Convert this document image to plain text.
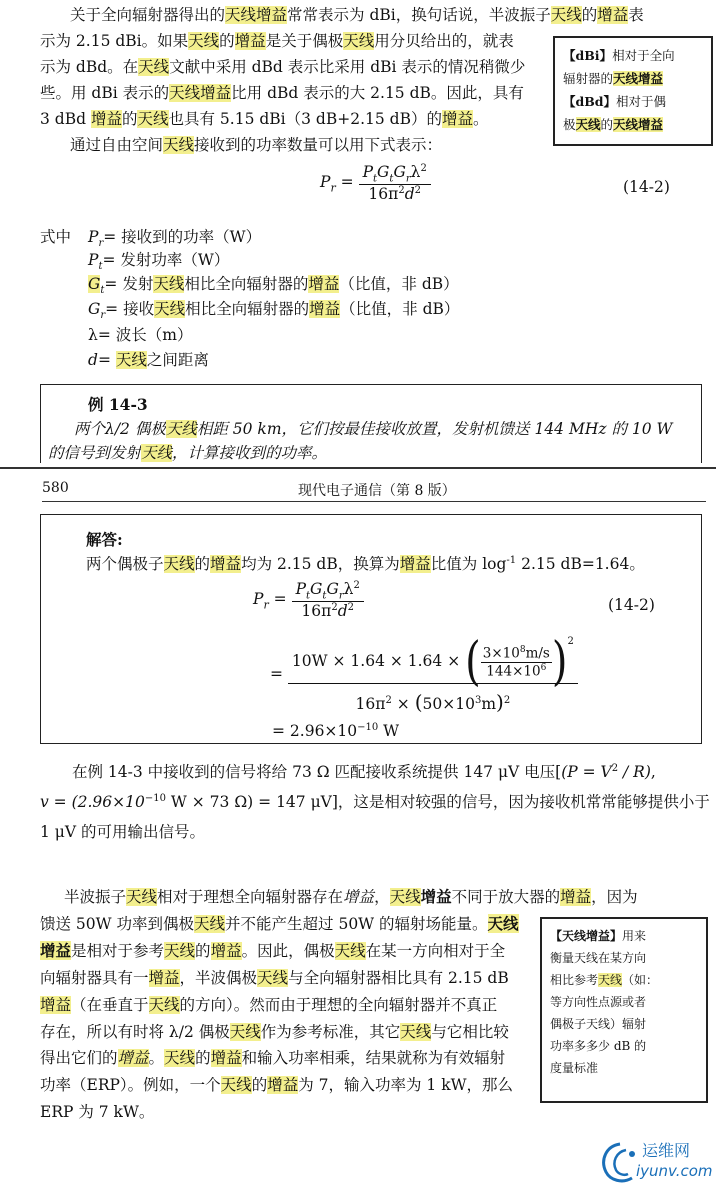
关于全向辐射器得出的天线增益常常表示为 dBi，换句话说，半波振子天线的增益表
示为 2.15 dBi。如果天线的增益是关于偶极天线用分贝给出的，就表
示为 dBd。在天线文献中采用 dBd 表示比采用 dBi 表示的情况稍微少
些。用 dBi 表示的天线增益比用 dBd 表示的大 2.15 dB。因此，具有
3 dBd 增益的天线也具有 5.15 dBi（3 dB+2.15 dB）的增益。
通过自由空间天线接收到的功率数量可以用下式表示：
【dBi】相对于全向
辐射器的天线增益
【dBd】相对于偶
极天线的天线增益
$P_r = \frac{P_tG_tG_r\lambda^2}{16\pi^2d^2}$	(14-2)
式中 $P_r=$ 接收到的功率（W）
$P_t=$ 发射功率（W）
$G_t=$ 发射天线相比全向辐射器的增益（比值，非 dB）
$G_r=$ 接收天线相比全向辐射器的增益（比值，非 dB）
λ= 波长（m）
d= 天线之间距离
例 14-3
两个λ/2 偶极天线相距 50 km，它们按最佳接收放置，发射机馈送 144 MHz 的 10 W
的信号到发射天线，计算接收到的功率。
580	现代电子通信（第 8 版）
解答:
两个偶极子天线的增益均为 2.15 dB，换算为增益比值为 $\log^{-1} 2.15$ dB=1.64。
$P_r = \frac{P_tG_tG_r\lambda^2}{16\pi^2d^2}$	(14-2)
= $\frac{10W \times 1.64 \times 1.64 \times ( \frac{3\times 10^8m/s}{144\times 10^6} )^2}{16\pi^2 \times (50\times 10^3m)^2}$
= $2.96\times 10^{-10}$ W
在例 14-3 中接收到的信号将给 73 Ω 匹配接收系统提供 147 μV 电压[$(P = V^2 / R)$,
$v = (2.96\times 10^{-10}$ W × 73 Ω) = 147 μV]，这是相对较强的信号，因为接收机常常能够提供小于
1 μV 的可用输出信号。
半波振子天线相对于理想全向辐射器存在增益，天线增益不同于放大器的增益，因为
馈送 50W 功率到偶极天线并不能产生超过 50W 的辐射场能量。天线
增益是相对于参考天线的增益。因此，偶极天线在某一方向相对于全
向辐射器具有一增益，半波偶极天线与全向辐射器相比具有 2.15 dB
增益（在垂直于天线的方向）。然而由于理想的全向辐射器并不真正
存在，所以有时将 λ/2 偶极天线作为参考标准，其它天线与它相比较
得出它们的增益。天线的增益和输入功率相乘，结果就称为有效辐射
功率（ERP）。例如，一个天线的增益为 7，输入功率为 1 kW，那么
ERP 为 7 kW。
【天线增益】用来
衡量天线在某方向
相比参考天线（如：
等方向性点源或者
偶极子天线）辐射
功率多多少 dB 的
度量标准
运维网
iyunv.com
